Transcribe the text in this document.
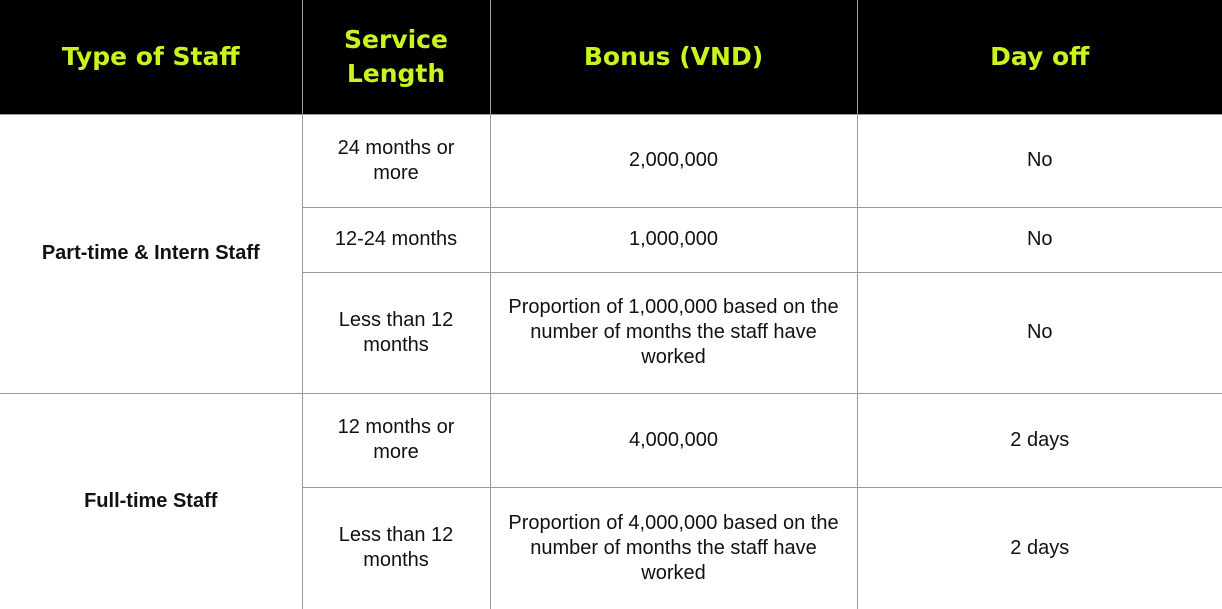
Type of Staff	Service Length	Bonus (VND)	Day off
Part-time & Intern Staff	24 months or more	2,000,000	No
	12-24 months	1,000,000	No
	Less than 12 months	Proportion of 1,000,000 based on the number of months the staff have worked	No
Full-time Staff	12 months or more	4,000,000	2 days
	Less than 12 months	Proportion of 4,000,000 based on the number of months the staff have worked	2 days
